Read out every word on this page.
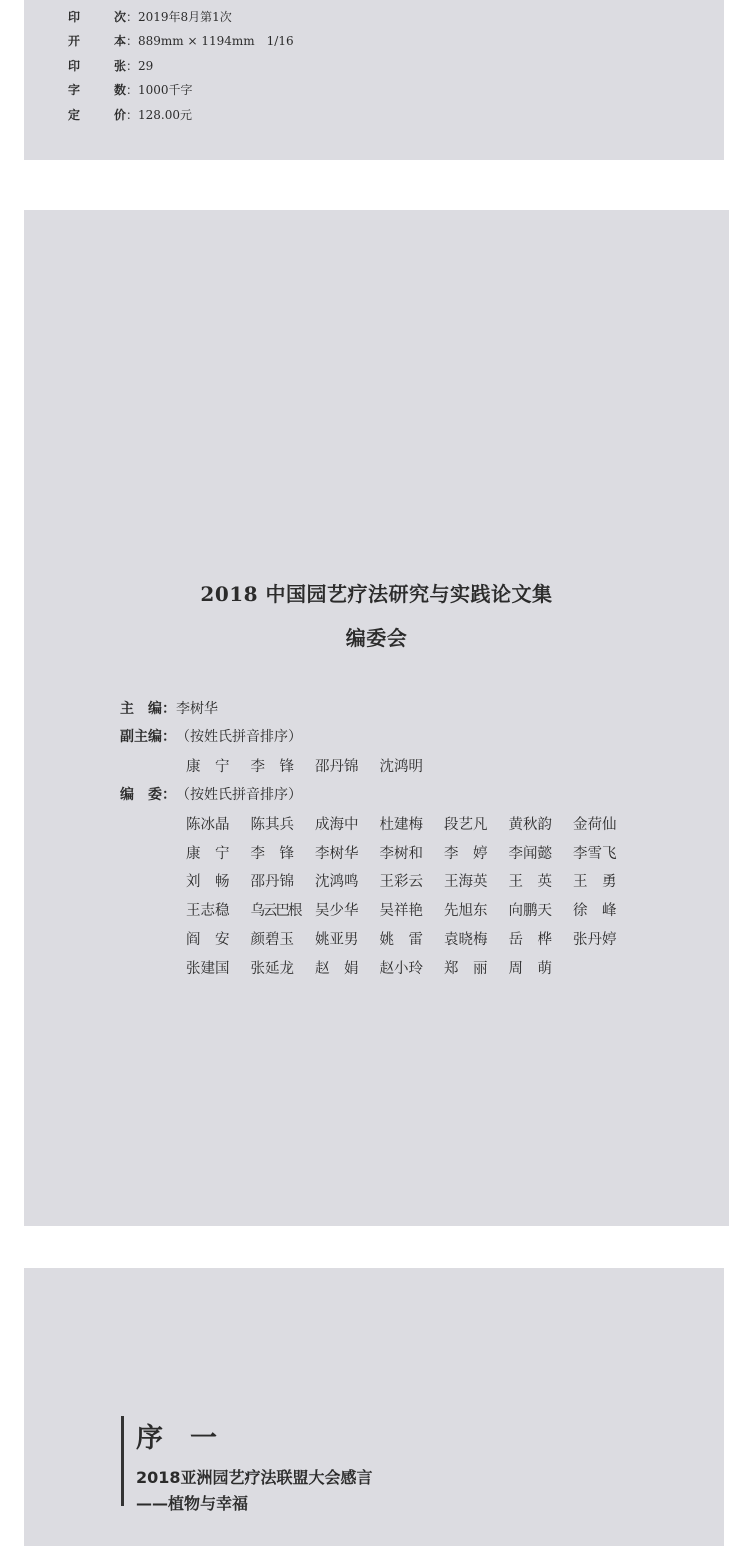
印	次 ：2019年8月第1次
开	本 ：889mm × 1194mm　1/16
印	张 ：29
字	数 ：1000千字
定	价 ：128.00元
2018 中国园艺疗法研究与实践论文集
编委会
主　编： 李树华
副主编： （按姓氏拼音排序）
康　宁	李　锋	邵丹锦	沈鸿明
编　委： （按姓氏拼音排序）
陈冰晶	陈其兵	成海中	杜建梅	段艺凡	黄秋韵	金荷仙
康　宁	李　锋	李树华	李树和	李　婷	李闻懿	李雪飞
刘　畅	邵丹锦	沈鸿鸣	王彩云	王海英	王　英	王　勇
王志稳	乌云巴根	吴少华	吴祥艳	先旭东	向鹏天	徐　峰
阎　安	颜碧玉	姚亚男	姚　雷	袁晓梅	岳　桦	张丹婷
张建国	张延龙	赵　娟	赵小玲	郑　丽	周　萌
序　一
2018亚洲园艺疗法联盟大会感言
——植物与幸福
